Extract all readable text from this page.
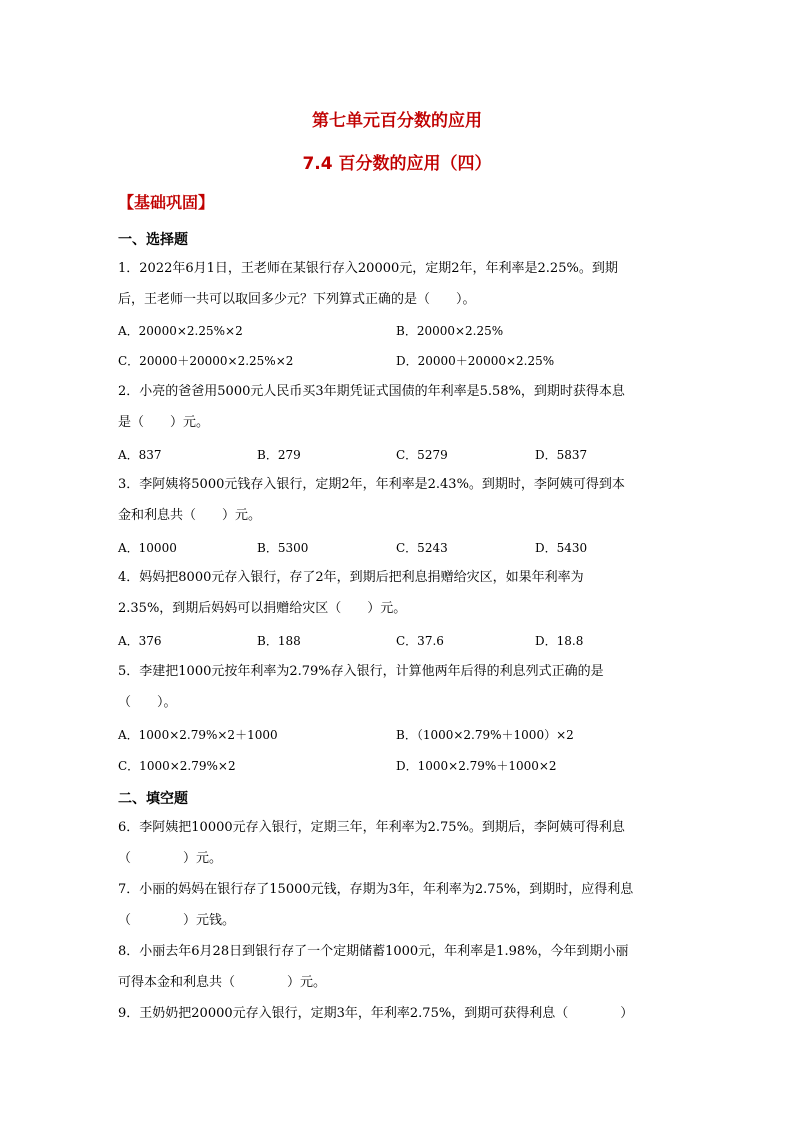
第七单元百分数的应用
7.4 百分数的应用（四）
【基础巩固】
一、选择题
1．2022年6月1日，王老师在某银行存入20000元，定期2年，年利率是2.25%。到期
后，王老师一共可以取回多少元？下列算式正确的是（　　）。
A．20000×2.25%×2	B．20000×2.25%
C．20000＋20000×2.25%×2	D．20000＋20000×2.25%
2．小亮的爸爸用5000元人民币买3年期凭证式国债的年利率是5.58%，到期时获得本息
是（　　）元。
A．837	B．279	C．5279	D．5837
3．李阿姨将5000元钱存入银行，定期2年，年利率是2.43%。到期时，李阿姨可得到本
金和利息共（　　）元。
A．10000	B．5300	C．5243	D．5430
4．妈妈把8000元存入银行，存了2年，到期后把利息捐赠给灾区，如果年利率为
2.35%，到期后妈妈可以捐赠给灾区（　　）元。
A．376	B．188	C．37.6	D．18.8
5．李建把1000元按年利率为2.79%存入银行，计算他两年后得的利息列式正确的是
（　　）。
A．1000×2.79%×2＋1000	B．（1000×2.79%＋1000）×2
C．1000×2.79%×2	D．1000×2.79%＋1000×2
二、填空题
6．李阿姨把10000元存入银行，定期三年，年利率为2.75%。到期后，李阿姨可得利息
（　　　　）元。
7．小丽的妈妈在银行存了15000元钱，存期为3年，年利率为2.75%，到期时，应得利息
（　　　　）元钱。
8．小丽去年6月28日到银行存了一个定期储蓄1000元，年利率是1.98%，今年到期小丽
可得本金和利息共（　　　　）元。
9．王奶奶把20000元存入银行，定期3年，年利率2.75%，到期可获得利息（　　　　）
